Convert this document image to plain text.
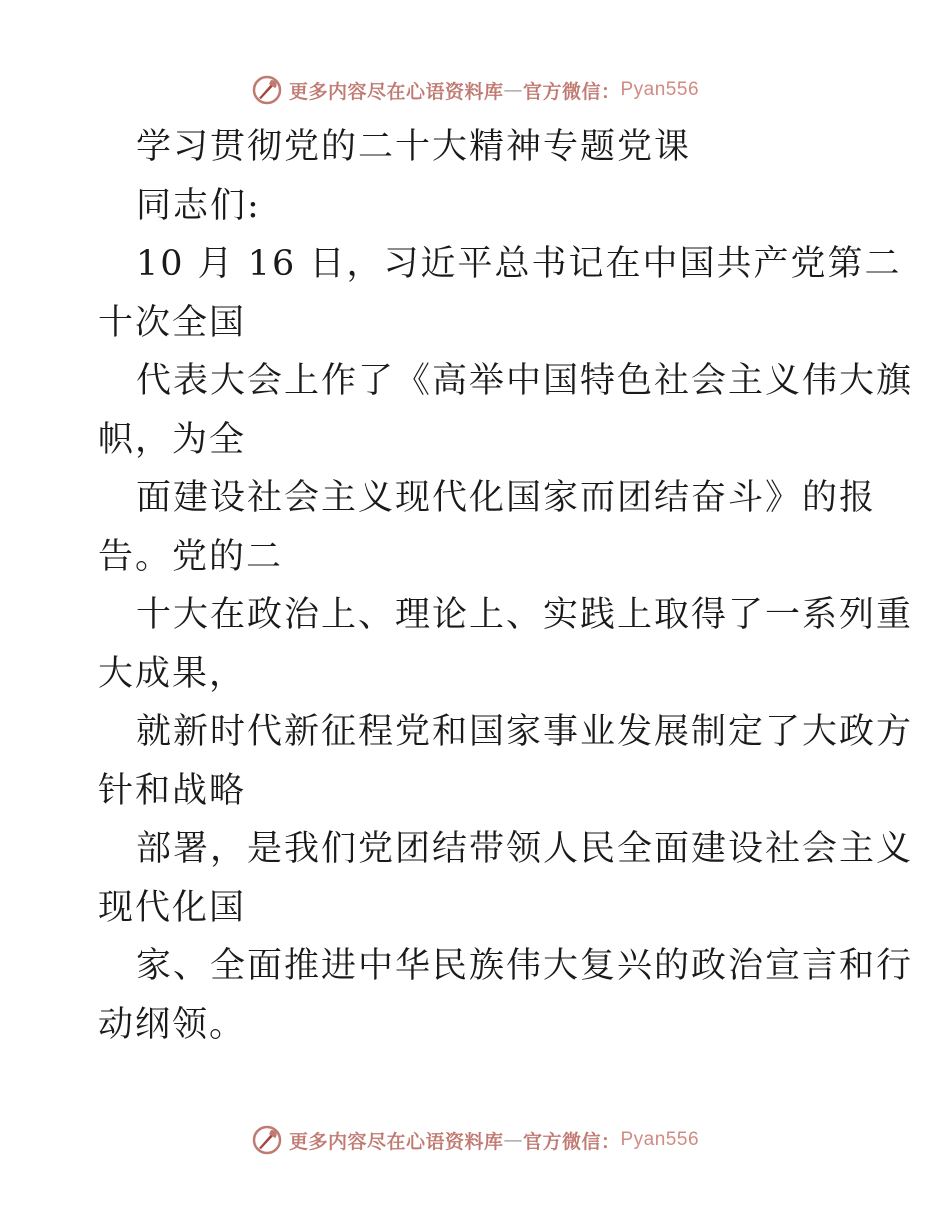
更多内容尽在心语资料库 — 官方微信： Pyan556
学习贯彻党的二十大精神专题党课
同志们:
10 月 16 日，习近平总书记在中国共产党第二
十次全国
代表大会上作了《高举中国特色社会主义伟大旗
帜，为全
面建设社会主义现代化国家而团结奋斗》的报
告。党的二
十大在政治上、理论上、实践上取得了一系列重
大成果，
就新时代新征程党和国家事业发展制定了大政方
针和战略
部署，是我们党团结带领人民全面建设社会主义
现代化国
家、全面推进中华民族伟大复兴的政治宣言和行
动纲领。
更多内容尽在心语资料库 — 官方微信： Pyan556
